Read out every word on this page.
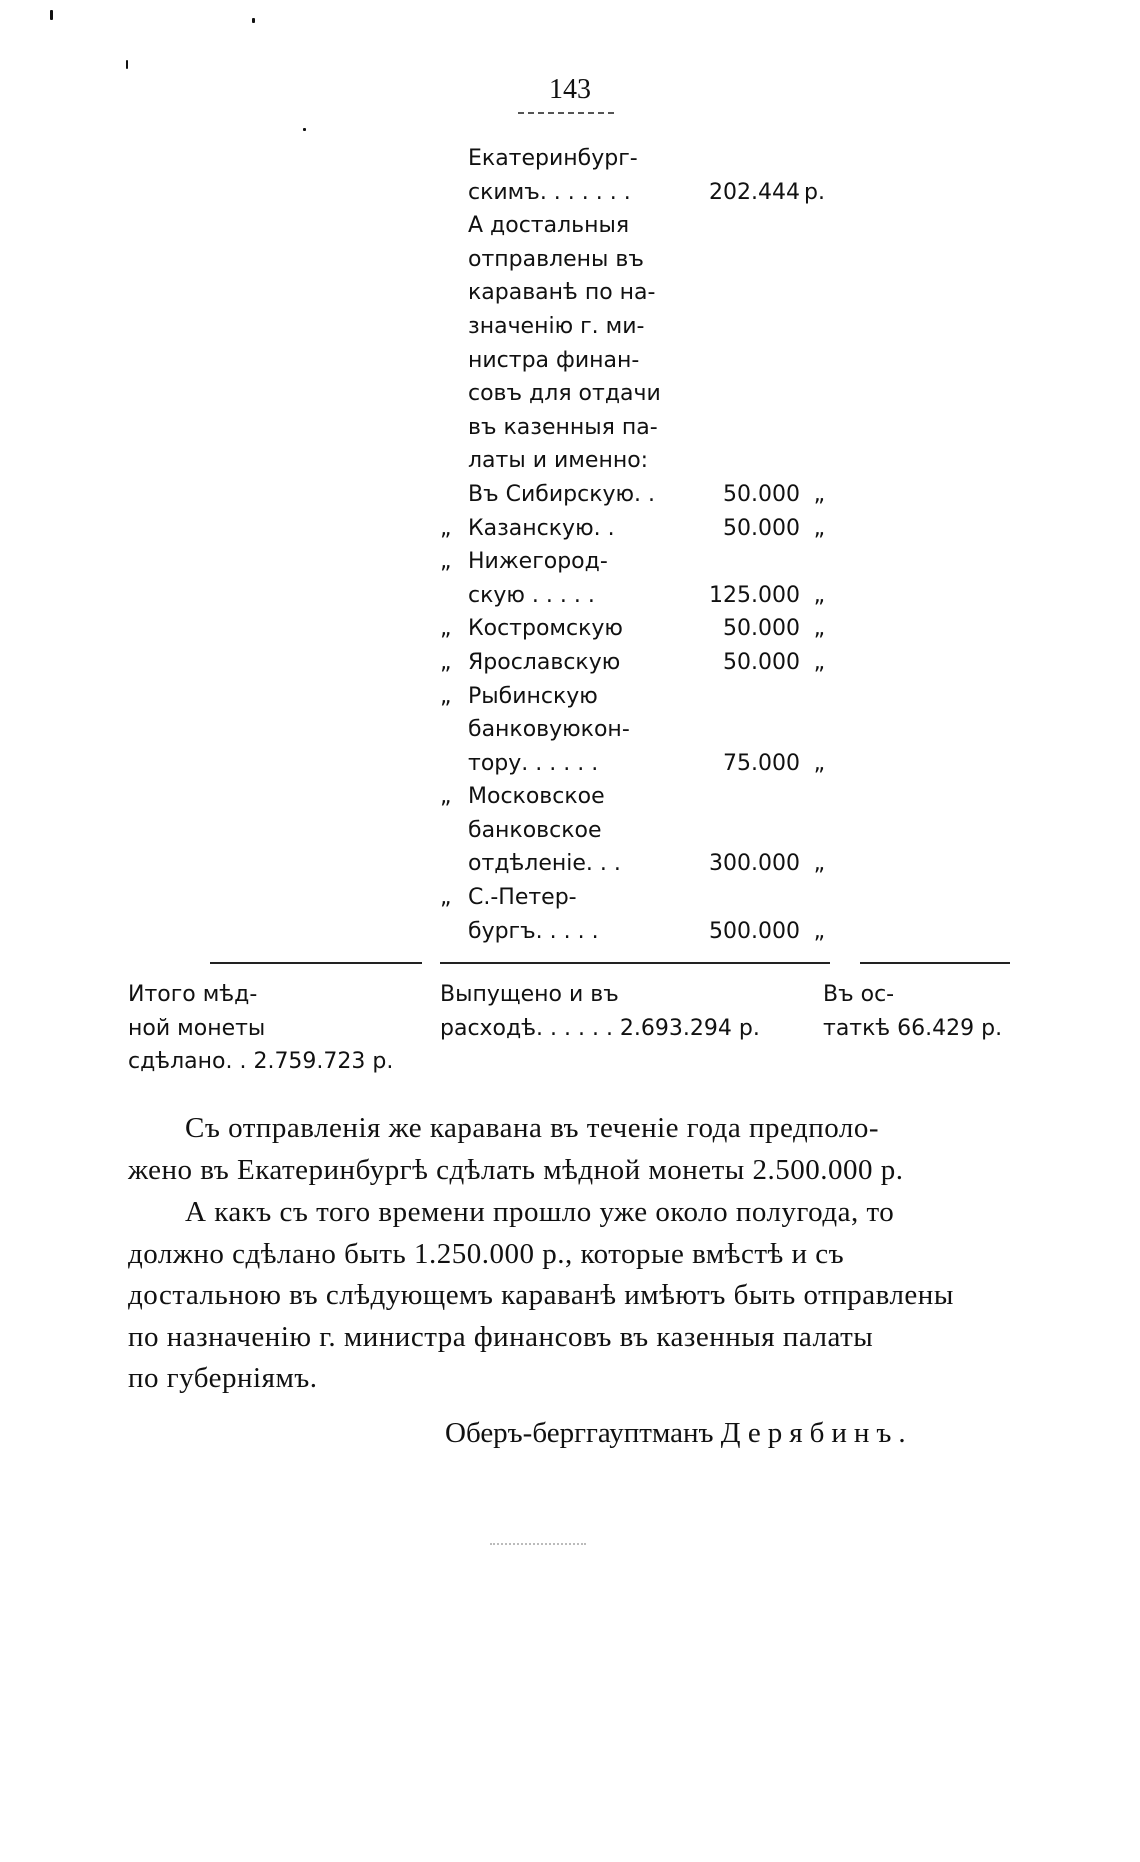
143
Екатеринбург-
скимъ. . . . . . .	202.444 р.
А достальныя
отправлены въ
караванѣ по на-
значенію г. ми-
нистра финан-
совъ для отдачи
въ казенныя па-
латы и именно:
Въ Сибирскую. .	50.000 „
„ Казанскую. .	50.000 „
„ Нижегород-
скую . . . . .	125.000 „
„ Костромскую	50.000 „
„ Ярославскую	50.000 „
„ Рыбинскую
банковуюкон-
тору. . . . . .	75.000 „
„ Московское
банковское
отдѣленіе. . .	300.000 „
„ С.-Петер-
бургъ. . . . .	500.000 „
Итого мѣд-
ной монеты
сдѣлано. . 2.759.723 р.
Выпущено и въ
расходѣ. . . . . . 2.693.294 р.
Въ ос-
таткѣ 66.429 р.
Съ отправленія же каравана въ теченіе года предполо-
жено въ Екатеринбургѣ сдѣлать мѣдной монеты 2.500.000 р.
А какъ съ того времени прошло уже около полугода, то
должно сдѣлано быть 1.250.000 р., которые вмѣстѣ и съ
достальною въ слѣдующемъ караванѣ имѣютъ быть отправлены
по назначенію г. министра финансовъ въ казенныя палаты
по губерніямъ.
Оберъ-берггауптманъ Дерябинъ.
